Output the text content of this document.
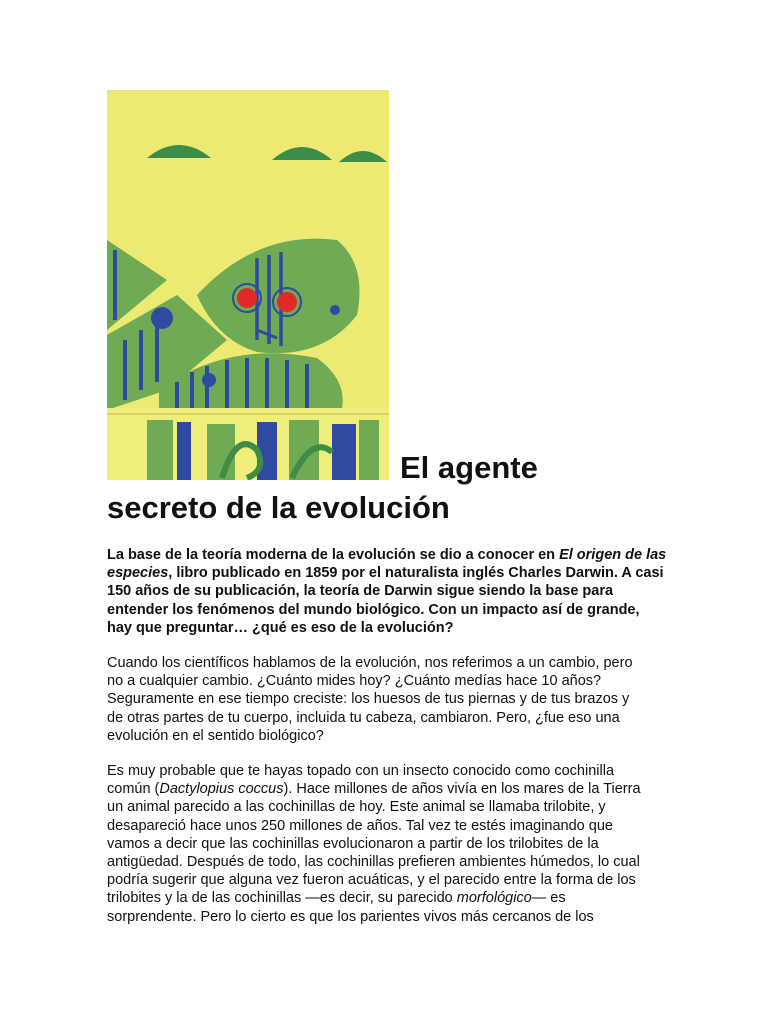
El agente
secreto de la evolución

La base de la teoría moderna de la evolución se dio a conocer en El origen de las especies, libro publicado en 1859 por el naturalista inglés Charles Darwin. A casi 150 años de su publicación, la teoría de Darwin sigue siendo la base para entender los fenómenos del mundo biológico. Con un impacto así de grande, hay que preguntar… ¿qué es eso de la evolución?

Cuando los científicos hablamos de la evolución, nos referimos a un cambio, pero no a cualquier cambio. ¿Cuánto mides hoy? ¿Cuánto medías hace 10 años? Seguramente en ese tiempo creciste: los huesos de tus piernas y de tus brazos y de otras partes de tu cuerpo, incluida tu cabeza, cambiaron. Pero, ¿fue eso una evolución en el sentido biológico?

Es muy probable que te hayas topado con un insecto conocido como cochinilla común (Dactylopius coccus). Hace millones de años vivía en los mares de la Tierra un animal parecido a las cochinillas de hoy. Este animal se llamaba trilobite, y desapareció hace unos 250 millones de años. Tal vez te estés imaginando que vamos a decir que las cochinillas evolucionaron a partir de los trilobites de la antigüedad. Después de todo, las cochinillas prefieren ambientes húmedos, lo cual podría sugerir que alguna vez fueron acuáticas, y el parecido entre la forma de los trilobites y la de las cochinillas —es decir, su parecido morfológico— es sorprendente. Pero lo cierto es que los parientes vivos más cercanos de los
